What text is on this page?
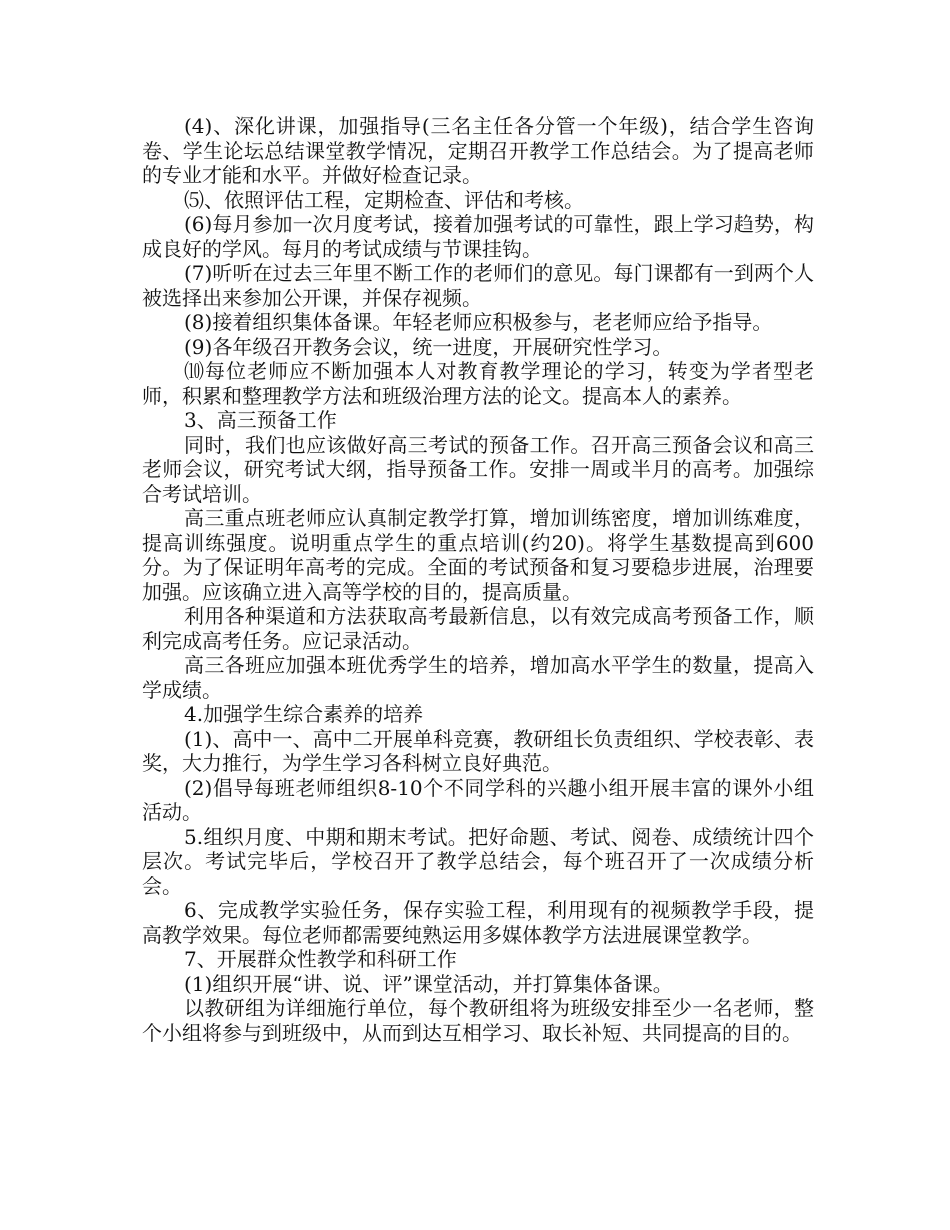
(4)、深化讲课，加强指导(三名主任各分管一个年级)，结合学生咨询卷、学生论坛总结课堂教学情况，定期召开教学工作总结会。为了提高老师的专业才能和水平。并做好检查记录。

⑸、依照评估工程，定期检查、评估和考核。

(6)每月参加一次月度考试，接着加强考试的可靠性，跟上学习趋势，构成良好的学风。每月的考试成绩与节课挂钩。

(7)听听在过去三年里不断工作的老师们的意见。每门课都有一到两个人被选择出来参加公开课，并保存视频。

(8)接着组织集体备课。年轻老师应积极参与，老老师应给予指导。

(9)各年级召开教务会议，统一进度，开展研究性学习。

⑽每位老师应不断加强本人对教育教学理论的学习，转变为学者型老师，积累和整理教学方法和班级治理方法的论文。提高本人的素养。

3、高三预备工作

同时，我们也应该做好高三考试的预备工作。召开高三预备会议和高三老师会议，研究考试大纲，指导预备工作。安排一周或半月的高考。加强综合考试培训。

高三重点班老师应认真制定教学打算，增加训练密度，增加训练难度，提高训练强度。说明重点学生的重点培训(约20)。将学生基数提高到600分。为了保证明年高考的完成。全面的考试预备和复习要稳步进展，治理要加强。应该确立进入高等学校的目的，提高质量。

利用各种渠道和方法获取高考最新信息，以有效完成高考预备工作，顺利完成高考任务。应记录活动。

高三各班应加强本班优秀学生的培养，增加高水平学生的数量，提高入学成绩。

4.加强学生综合素养的培养

(1)、高中一、高中二开展单科竞赛，教研组长负责组织、学校表彰、表奖，大力推行，为学生学习各科树立良好典范。

(2)倡导每班老师组织8-10个不同学科的兴趣小组开展丰富的课外小组活动。

5.组织月度、中期和期末考试。把好命题、考试、阅卷、成绩统计四个层次。考试完毕后，学校召开了教学总结会，每个班召开了一次成绩分析会。

6、完成教学实验任务，保存实验工程，利用现有的视频教学手段，提高教学效果。每位老师都需要纯熟运用多媒体教学方法进展课堂教学。

7、开展群众性教学和科研工作

(1)组织开展“讲、说、评”课堂活动，并打算集体备课。

以教研组为详细施行单位，每个教研组将为班级安排至少一名老师，整个小组将参与到班级中，从而到达互相学习、取长补短、共同提高的目的。
